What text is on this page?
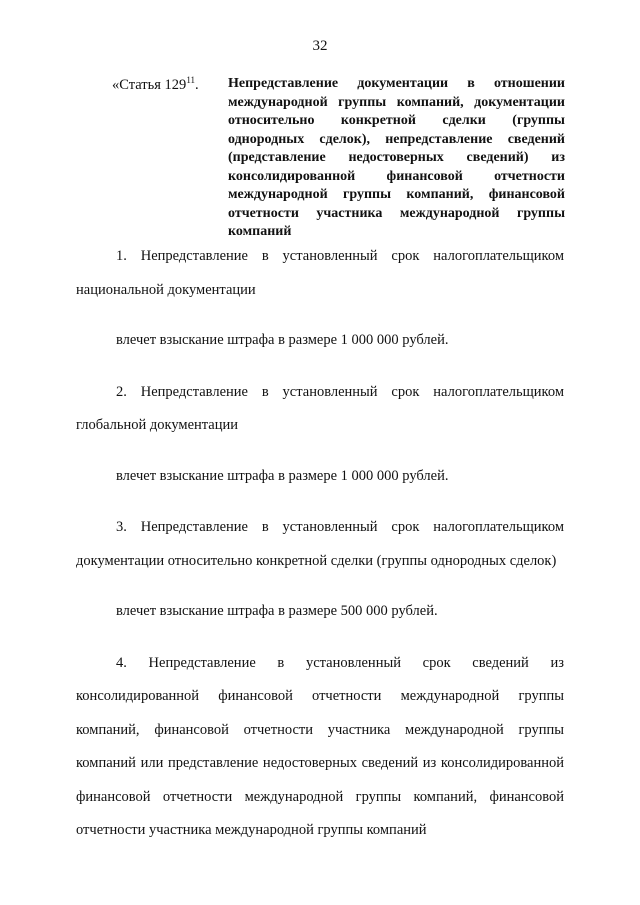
32
«Статья $129^{11}$. Непредставление документации в отношении международной группы компаний, документации относительно конкретной сделки (группы однородных сделок), непредставление сведений (представление недостоверных сведений) из консолидированной финансовой отчетности международной группы компаний, финансовой отчетности участника международной группы компаний

1. Непредставление в установленный срок налогоплательщиком национальной документации

влечет взыскание штрафа в размере 1 000 000 рублей.

2. Непредставление в установленный срок налогоплательщиком глобальной документации

влечет взыскание штрафа в размере 1 000 000 рублей.

3. Непредставление в установленный срок налогоплательщиком документации относительно конкретной сделки (группы однородных сделок)

влечет взыскание штрафа в размере 500 000 рублей.

4. Непредставление в установленный срок сведений из консолидированной финансовой отчетности международной группы компаний, финансовой отчетности участника международной группы компаний или представление недостоверных сведений из консолидированной финансовой отчетности международной группы компаний, финансовой отчетности участника международной группы компаний
